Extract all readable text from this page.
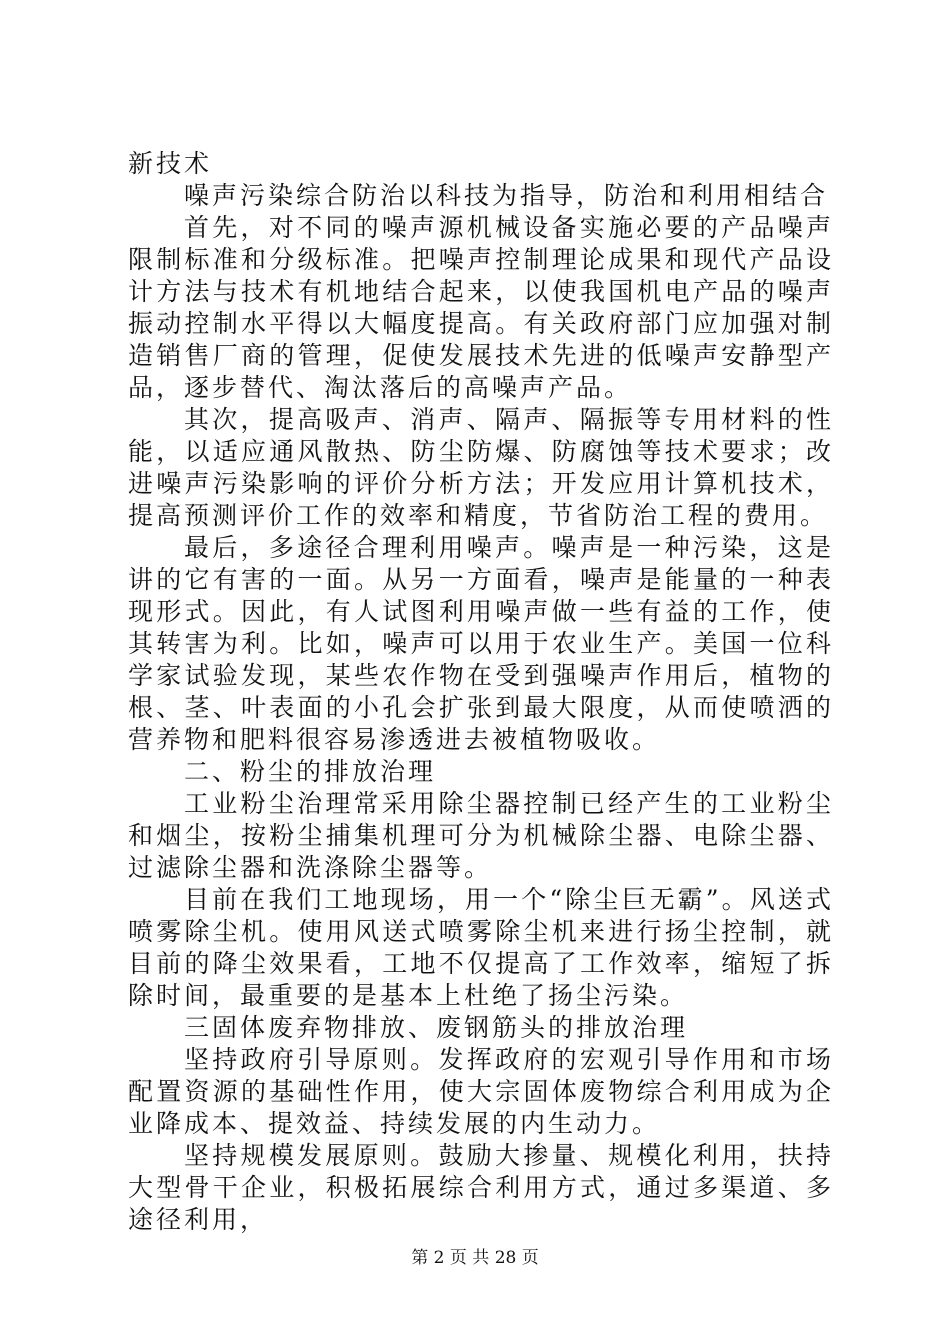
新技术

噪声污染综合防治以科技为指导，防治和利用相结合

首先，对不同的噪声源机械设备实施必要的产品噪声限制标准和分级标准。把噪声控制理论成果和现代产品设计方法与技术有机地结合起来，以使我国机电产品的噪声振动控制水平得以大幅度提高。有关政府部门应加强对制造销售厂商的管理，促使发展技术先进的低噪声安静型产品，逐步替代、淘汰落后的高噪声产品。

其次，提高吸声、消声、隔声、隔振等专用材料的性能，以适应通风散热、防尘防爆、防腐蚀等技术要求；改进噪声污染影响的评价分析方法；开发应用计算机技术，提高预测评价工作的效率和精度，节省防治工程的费用。

最后，多途径合理利用噪声。噪声是一种污染，这是讲的它有害的一面。从另一方面看，噪声是能量的一种表现形式。因此，有人试图利用噪声做一些有益的工作，使其转害为利。比如，噪声可以用于农业生产。美国一位科学家试验发现，某些农作物在受到强噪声作用后，植物的根、茎、叶表面的小孔会扩张到最大限度，从而使喷洒的营养物和肥料很容易渗透进去被植物吸收。

二、粉尘的排放治理

工业粉尘治理常采用除尘器控制已经产生的工业粉尘和烟尘，按粉尘捕集机理可分为机械除尘器、电除尘器、过滤除尘器和洗涤除尘器等。

目前在我们工地现场，用一个“除尘巨无霸”。风送式喷雾除尘机。使用风送式喷雾除尘机来进行扬尘控制，就目前的降尘效果看，工地不仅提高了工作效率，缩短了拆除时间，最重要的是基本上杜绝了扬尘污染。

三固体废弃物排放、废钢筋头的排放治理

坚持政府引导原则。发挥政府的宏观引导作用和市场配置资源的基础性作用，使大宗固体废物综合利用成为企业降成本、提效益、持续发展的内生动力。

坚持规模发展原则。鼓励大掺量、规模化利用，扶持大型骨干企业，积极拓展综合利用方式，通过多渠道、多途径利用，

第 2 页 共 28 页
